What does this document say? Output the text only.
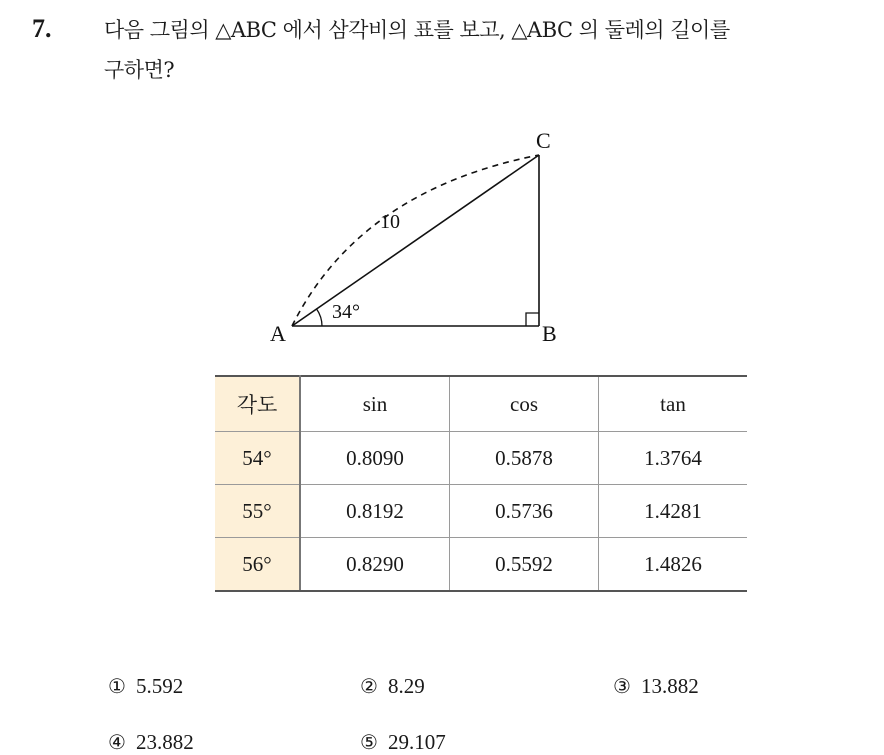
7.	다음 그림의 △ABC 에서 삼각비의 표를 보고, △ABC 의 둘레의 길이를
구하면?
A	B
C
10
34°
각도	sin	cos	tan
54°	0.8090	0.5878	1.3764
55°	0.8192	0.5736	1.4281
56°	0.8290	0.5592	1.4826
① 5.592	② 8.29	③ 13.882
④ 23.882	⑤ 29.107
